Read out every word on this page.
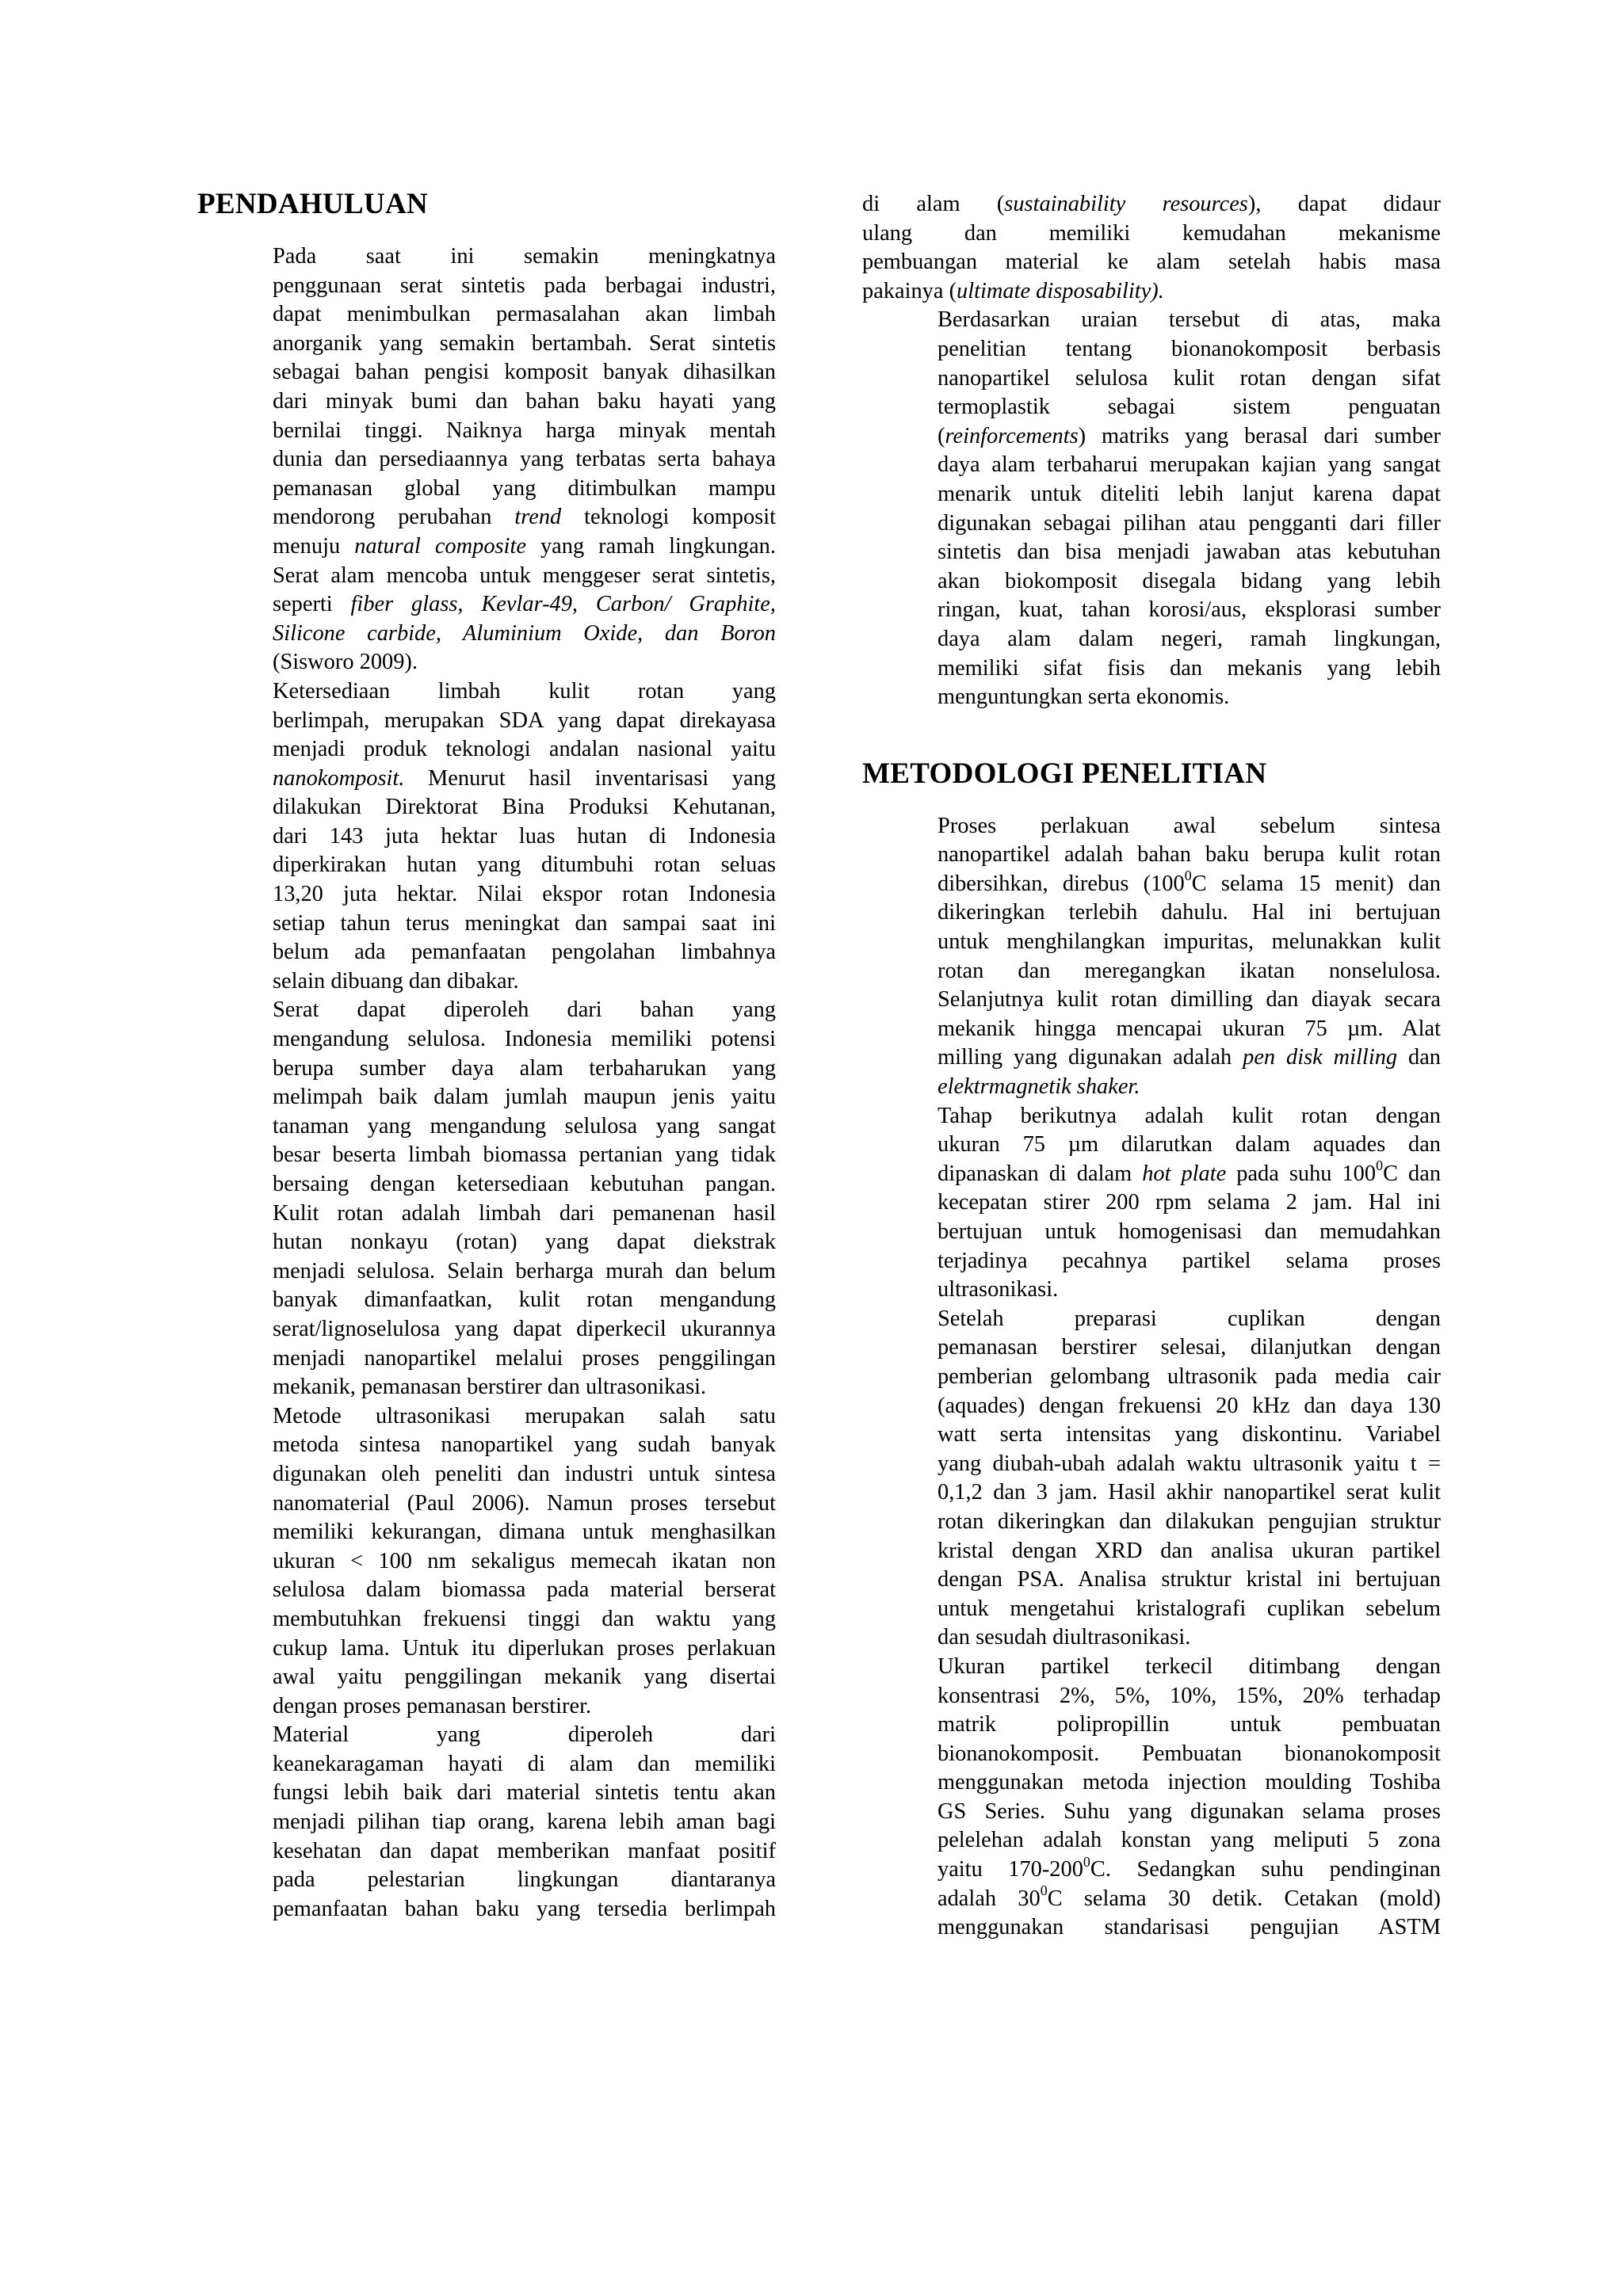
PENDAHULUAN

Pada saat ini semakin meningkatnya
penggunaan serat sintetis pada berbagai industri,
dapat menimbulkan permasalahan akan limbah
anorganik yang semakin bertambah. Serat sintetis
sebagai bahan pengisi komposit banyak dihasilkan
dari minyak bumi dan bahan baku hayati yang
bernilai tinggi. Naiknya harga minyak mentah
dunia dan persediaannya yang terbatas serta bahaya
pemanasan global yang ditimbulkan mampu
mendorong perubahan trend teknologi komposit
menuju natural composite yang ramah lingkungan.
Serat alam mencoba untuk menggeser serat sintetis,
seperti fiber glass, Kevlar-49, Carbon/ Graphite,
Silicone carbide, Aluminium Oxide, dan Boron
(Sisworo 2009).

Ketersediaan limbah kulit rotan yang
berlimpah, merupakan SDA yang dapat direkayasa
menjadi produk teknologi andalan nasional yaitu
nanokomposit. Menurut hasil inventarisasi yang
dilakukan Direktorat Bina Produksi Kehutanan,
dari 143 juta hektar luas hutan di Indonesia
diperkirakan hutan yang ditumbuhi rotan seluas
13,20 juta hektar. Nilai ekspor rotan Indonesia
setiap tahun terus meningkat dan sampai saat ini
belum ada pemanfaatan pengolahan limbahnya
selain dibuang dan dibakar.

Serat dapat diperoleh dari bahan yang
mengandung selulosa. Indonesia memiliki potensi
berupa sumber daya alam terbaharukan yang
melimpah baik dalam jumlah maupun jenis yaitu
tanaman yang mengandung selulosa yang sangat
besar beserta limbah biomassa pertanian yang tidak
bersaing dengan ketersediaan kebutuhan pangan.
Kulit rotan adalah limbah dari pemanenan hasil
hutan nonkayu (rotan) yang dapat diekstrak
menjadi selulosa. Selain berharga murah dan belum
banyak dimanfaatkan, kulit rotan mengandung
serat/lignoselulosa yang dapat diperkecil ukurannya
menjadi nanopartikel melalui proses penggilingan
mekanik, pemanasan berstirer dan ultrasonikasi.

Metode ultrasonikasi merupakan salah satu
metoda sintesa nanopartikel yang sudah banyak
digunakan oleh peneliti dan industri untuk sintesa
nanomaterial (Paul 2006). Namun proses tersebut
memiliki kekurangan, dimana untuk menghasilkan
ukuran < 100 nm sekaligus memecah ikatan non
selulosa dalam biomassa pada material berserat
membutuhkan frekuensi tinggi dan waktu yang
cukup lama. Untuk itu diperlukan proses perlakuan
awal yaitu penggilingan mekanik yang disertai
dengan proses pemanasan berstirer.

Material yang diperoleh dari
keanekaragaman hayati di alam dan memiliki
fungsi lebih baik dari material sintetis tentu akan
menjadi pilihan tiap orang, karena lebih aman bagi
kesehatan dan dapat memberikan manfaat positif
pada pelestarian lingkungan diantaranya
pemanfaatan bahan baku yang tersedia berlimpah

di alam (sustainability resources), dapat didaur
ulang dan memiliki kemudahan mekanisme
pembuangan material ke alam setelah habis masa
pakainya (ultimate disposability).

Berdasarkan uraian tersebut di atas, maka
penelitian tentang bionanokomposit berbasis
nanopartikel selulosa kulit rotan dengan sifat
termoplastik sebagai sistem penguatan
(reinforcements) matriks yang berasal dari sumber
daya alam terbaharui merupakan kajian yang sangat
menarik untuk diteliti lebih lanjut karena dapat
digunakan sebagai pilihan atau pengganti dari filler
sintetis dan bisa menjadi jawaban atas kebutuhan
akan biokomposit disegala bidang yang lebih
ringan, kuat, tahan korosi/aus, eksplorasi sumber
daya alam dalam negeri, ramah lingkungan,
memiliki sifat fisis dan mekanis yang lebih
menguntungkan serta ekonomis.

METODOLOGI PENELITIAN

Proses perlakuan awal sebelum sintesa
nanopartikel adalah bahan baku berupa kulit rotan
dibersihkan, direbus ($100^0C$ selama 15 menit) dan
dikeringkan terlebih dahulu. Hal ini bertujuan
untuk menghilangkan impuritas, melunakkan kulit
rotan dan meregangkan ikatan nonselulosa.
Selanjutnya kulit rotan dimilling dan diayak secara
mekanik hingga mencapai ukuran 75 µm. Alat
milling yang digunakan adalah pen disk milling dan
elektrmagnetik shaker.

Tahap berikutnya adalah kulit rotan dengan
ukuran 75 µm dilarutkan dalam aquades dan
dipanaskan di dalam hot plate pada suhu $100^0C$ dan
kecepatan stirer 200 rpm selama 2 jam. Hal ini
bertujuan untuk homogenisasi dan memudahkan
terjadinya pecahnya partikel selama proses
ultrasonikasi.

Setelah preparasi cuplikan dengan
pemanasan berstirer selesai, dilanjutkan dengan
pemberian gelombang ultrasonik pada media cair
(aquades) dengan frekuensi 20 kHz dan daya 130
watt serta intensitas yang diskontinu. Variabel
yang diubah-ubah adalah waktu ultrasonik yaitu t =
0,1,2 dan 3 jam. Hasil akhir nanopartikel serat kulit
rotan dikeringkan dan dilakukan pengujian struktur
kristal dengan XRD dan analisa ukuran partikel
dengan PSA. Analisa struktur kristal ini bertujuan
untuk mengetahui kristalografi cuplikan sebelum
dan sesudah diultrasonikasi.

Ukuran partikel terkecil ditimbang dengan
konsentrasi 2%, 5%, 10%, 15%, 20% terhadap
matrik polipropillin untuk pembuatan
bionanokomposit. Pembuatan bionanokomposit
menggunakan metoda injection moulding Toshiba
GS Series. Suhu yang digunakan selama proses
pelelehan adalah konstan yang meliputi 5 zona
yaitu $170-200^0C$. Sedangkan suhu pendinginan
adalah $30^0C$ selama 30 detik. Cetakan (mold)
menggunakan standarisasi pengujian ASTM
